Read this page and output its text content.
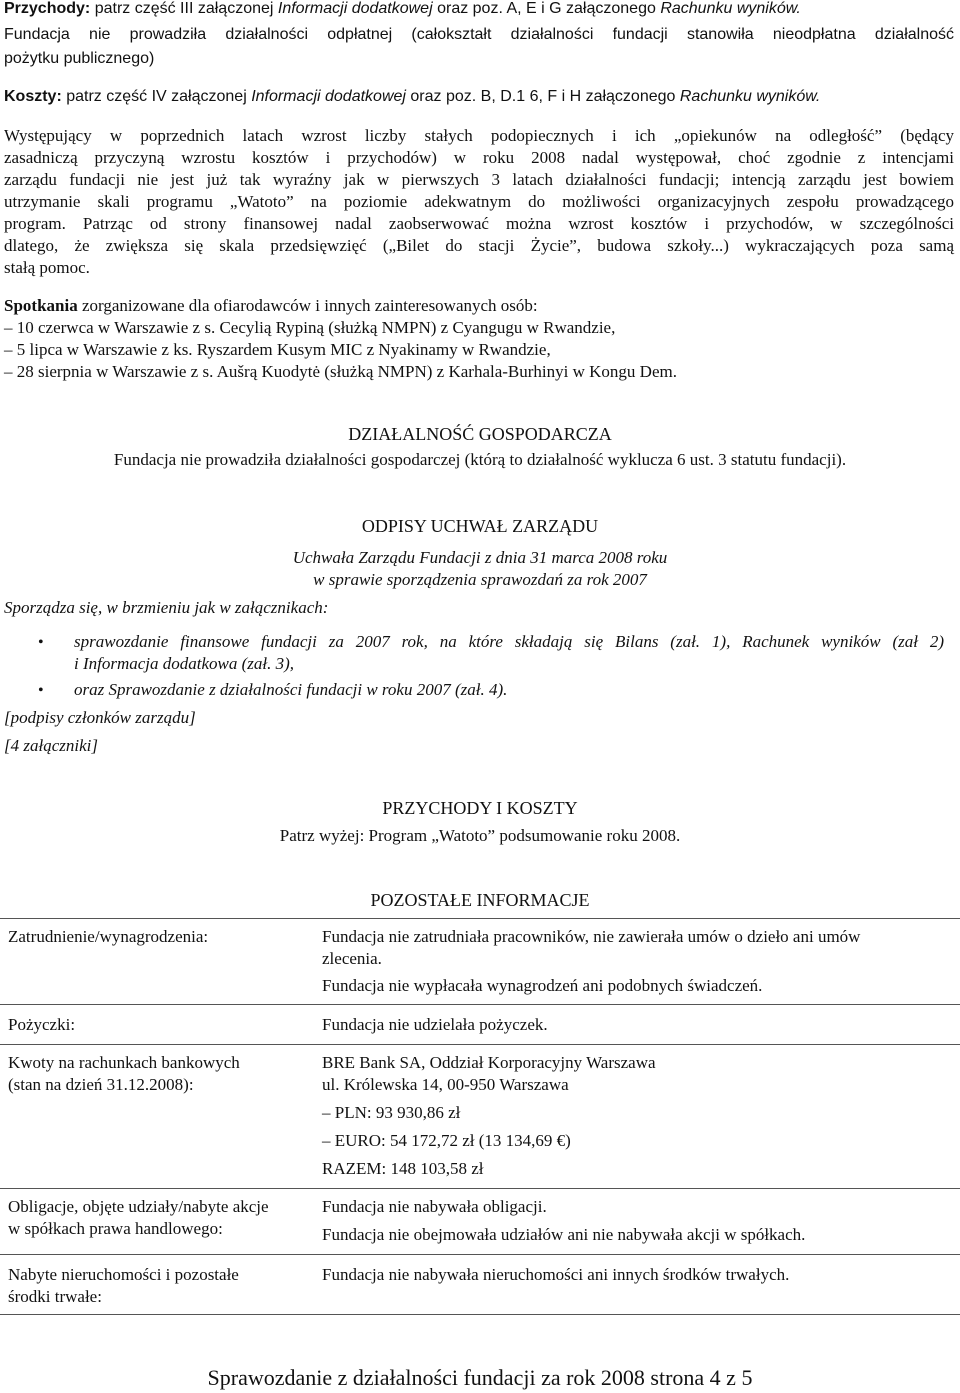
Przychody: patrz część III załączonej Informacji dodatkowej oraz poz. A, E i G załączonego Rachunku wyników.
Fundacja nie prowadziła działalności odpłatnej (całokształt działalności fundacji stanowiła nieodpłatna działalność
pożytku publicznego)
Koszty: patrz część IV załączonej Informacji dodatkowej oraz poz. B, D.1 6, F i H załączonego Rachunku wyników.
Występujący w poprzednich latach wzrost liczby stałych podopiecznych i ich „opiekunów na odległość” (będący
zasadniczą przyczyną wzrostu kosztów i przychodów) w roku 2008 nadal występował, choć zgodnie z intencjami
zarządu fundacji nie jest już tak wyraźny jak w pierwszych 3 latach działalności fundacji; intencją zarządu jest bowiem
utrzymanie skali programu „Watoto” na poziomie adekwatnym do możliwości organizacyjnych zespołu prowadzącego
program. Patrząc od strony finansowej nadal zaobserwować można wzrost kosztów i przychodów, w szczególności
dlatego, że zwiększa się skala przedsięwzięć („Bilet do stacji Życie”, budowa szkoły...) wykraczających poza samą
stałą pomoc.
Spotkania zorganizowane dla ofiarodawców i innych zainteresowanych osób:
– 10 czerwca w Warszawie z s. Cecylią Rypiną (służką NMPN) z Cyangugu w Rwandzie,
– 5 lipca w Warszawie z ks. Ryszardem Kusym MIC z Nyakinamy w Rwandzie,
– 28 sierpnia w Warszawie z s. Aušrą Kuodytė (służką NMPN) z Karhala-Burhinyi w Kongu Dem.
DZIAŁALNOŚĆ GOSPODARCZA
Fundacja nie prowadziła działalności gospodarczej (którą to działalność wyklucza 6 ust. 3 statutu fundacji).
ODPISY UCHWAŁ ZARZĄDU
Uchwała Zarządu Fundacji z dnia 31 marca 2008 roku
w sprawie sporządzenia sprawozdań za rok 2007
Sporządza się, w brzmieniu jak w załącznikach:
• sprawozdanie finansowe fundacji za 2007 rok, na które składają się Bilans (zał. 1), Rachunek wyników (zał 2)
i Informacja dodatkowa (zał. 3),
• oraz Sprawozdanie z działalności fundacji w roku 2007 (zał. 4).
[podpisy członków zarządu]
[4 załączniki]
PRZYCHODY I KOSZTY
Patrz wyżej: Program „Watoto” podsumowanie roku 2008.
POZOSTAŁE INFORMACJE
Zatrudnienie/wynagrodzenia:	Fundacja nie zatrudniała pracowników, nie zawierała umów o dzieło ani umów
zlecenia.
Fundacja nie wypłacała wynagrodzeń ani podobnych świadczeń.
Pożyczki:	Fundacja nie udzielała pożyczek.
Kwoty na rachunkach bankowych
(stan na dzień 31.12.2008):
BRE Bank SA, Oddział Korporacyjny Warszawa
ul. Królewska 14, 00-950 Warszawa
– PLN: 93 930,86 zł
– EURO: 54 172,72 zł (13 134,69 €)
RAZEM: 148 103,58 zł
Obligacje, objęte udziały/nabyte akcje
w spółkach prawa handlowego:
Fundacja nie nabywała obligacji.
Fundacja nie obejmowała udziałów ani nie nabywała akcji w spółkach.
Nabyte nieruchomości i pozostałe
środki trwałe:
Fundacja nie nabywała nieruchomości ani innych środków trwałych.
Sprawozdanie z działalności fundacji za rok 2008 strona 4 z 5
